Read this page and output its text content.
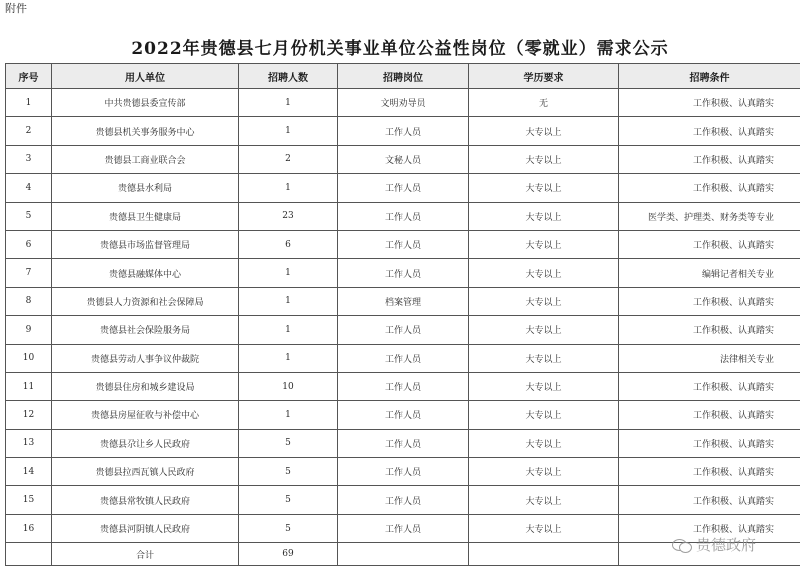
附件
2022年贵德县七月份机关事业单位公益性岗位（零就业）需求公示
序号	用人单位	招聘人数	招聘岗位	学历要求	招聘条件
1	中共贵德县委宣传部	1	文明劝导员	无	工作积极、认真踏实
2	贵德县机关事务服务中心	1	工作人员	大专以上	工作积极、认真踏实
3	贵德县工商业联合会	2	文秘人员	大专以上	工作积极、认真踏实
4	贵德县水利局	1	工作人员	大专以上	工作积极、认真踏实
5	贵德县卫生健康局	23	工作人员	大专以上	医学类、护理类、财务类等专业
6	贵德县市场监督管理局	6	工作人员	大专以上	工作积极、认真踏实
7	贵德县融媒体中心	1	工作人员	大专以上	编辑记者相关专业
8	贵德县人力资源和社会保障局	1	档案管理	大专以上	工作积极、认真踏实
9	贵德县社会保险服务局	1	工作人员	大专以上	工作积极、认真踏实
10	贵德县劳动人事争议仲裁院	1	工作人员	大专以上	法律相关专业
11	贵德县住房和城乡建设局	10	工作人员	大专以上	工作积极、认真踏实
12	贵德县房屋征收与补偿中心	1	工作人员	大专以上	工作积极、认真踏实
13	贵德县尕让乡人民政府	5	工作人员	大专以上	工作积极、认真踏实
14	贵德县拉西瓦镇人民政府	5	工作人员	大专以上	工作积极、认真踏实
15	贵德县常牧镇人民政府	5	工作人员	大专以上	工作积极、认真踏实
16	贵德县河阴镇人民政府	5	工作人员	大专以上	工作积极、认真踏实
	合计	69			
贵德政府
